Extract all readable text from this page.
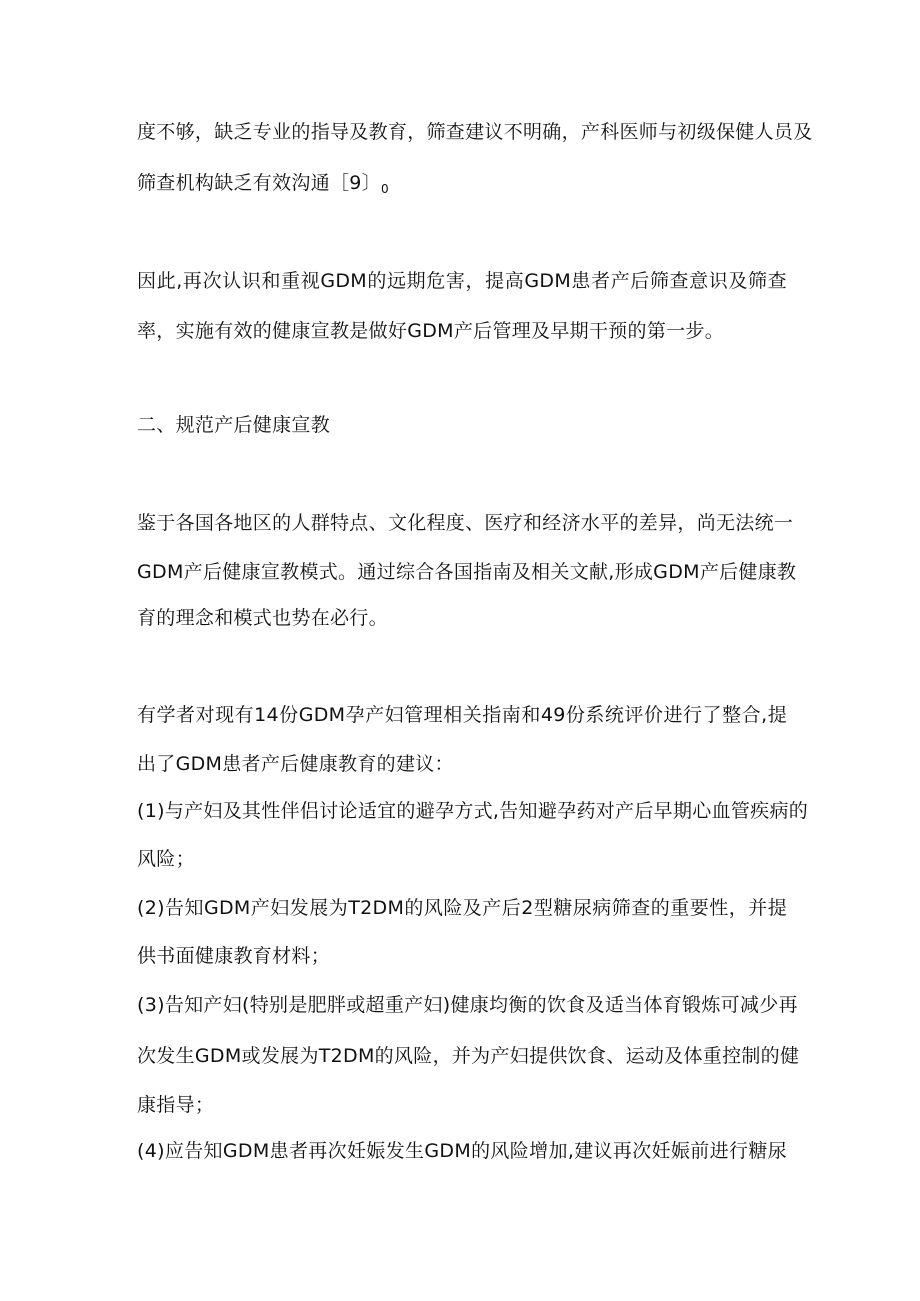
度不够，缺乏专业的指导及教育，筛查建议不明确，产科医师与初级保健人员及
筛查机构缺乏有效沟通［9〕$_0$
因此,再次认识和重视GDM的远期危害，提高GDM患者产后筛查意识及筛查
率，实施有效的健康宣教是做好GDM产后管理及早期干预的第一步。
二、规范产后健康宣教
鉴于各国各地区的人群特点、文化程度、医疗和经济水平的差异，尚无法统一
GDM产后健康宣教模式。通过综合各国指南及相关文献,形成GDM产后健康教
育的理念和模式也势在必行。
有学者对现有14份GDM孕产妇管理相关指南和49份系统评价进行了整合,提
出了GDM患者产后健康教育的建议：
(1)与产妇及其性伴侣讨论适宜的避孕方式,告知避孕药对产后早期心血管疾病的
风险；
(2)告知GDM产妇发展为T2DM的风险及产后2型糖尿病筛查的重要性，并提
供书面健康教育材料；
(3)告知产妇(特别是肥胖或超重产妇)健康均衡的饮食及适当体育锻炼可减少再
次发生GDM或发展为T2DM的风险，并为产妇提供饮食、运动及体重控制的健
康指导；
(4)应告知GDM患者再次妊娠发生GDM的风险增加,建议再次妊娠前进行糖尿
